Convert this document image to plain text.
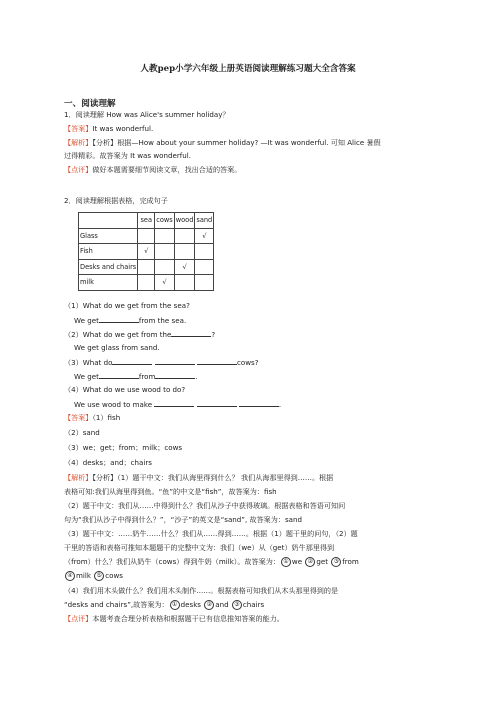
人教pep小学六年级上册英语阅读理解练习题大全含答案
一、阅读理解
1．阅读理解 How was Alice's summer holiday？
【答案】It was wonderful.
【解析】【分析】根据—How about your summer holiday? —It was wonderful. 可知 Alice 暑假
过得精彩。故答案为 It was wonderful.
【点评】做好本题需要细节阅读文章，找出合适的答案。
2．阅读理解根据表格，完成句子
	sea	cows	wood	sand
Glass				√
Fish	√			
Desks and chairs			√	
milk		√		
（1）What do we get from the sea?
We get	from the sea.
（2）What do we get from the	?
We get glass from sand.
（3）What do	cows?
We get	from	.
（4）What do we use wood to do?
We use wood to make	.
【答案】（1）fish
（2）sand
（3）we；get；from；milk；cows
（4）desks；and；chairs
【解析】【分析】（1）题干中文：我们从海里得到什么？ 我们从海那里得到……。根据
表格可知:我们从海里得到鱼。“鱼”的中文是“fish”，故答案为：fish
（2）题干中文：我们从……中得到什么？我们从沙子中获得玻璃。根据表格和答语可知问
句为“我们从沙子中得到什么？”，“沙子”的英文是“sand”, 故答案为：sand
（3）题干中文：……奶牛……什么？我们从……得到……。根据（1）题干里的问句，（2）题
干里的答语和表格可推知本题题干的完整中文为：我们（we）从（get）奶牛那里得到
（from）什么？我们从奶牛（cows）得到牛奶（milk）。故答案为： ① we ② get ③ from
④ milk ⑤ cows
（4）我们用木头做什么？我们用木头制作……。根据表格可知我们从木头那里得到的是
“desks and chairs”,故答案为： ① desks ② and ③ chairs
【点评】本题考查合理分析表格和根据题干已有信息推知答案的能力。
